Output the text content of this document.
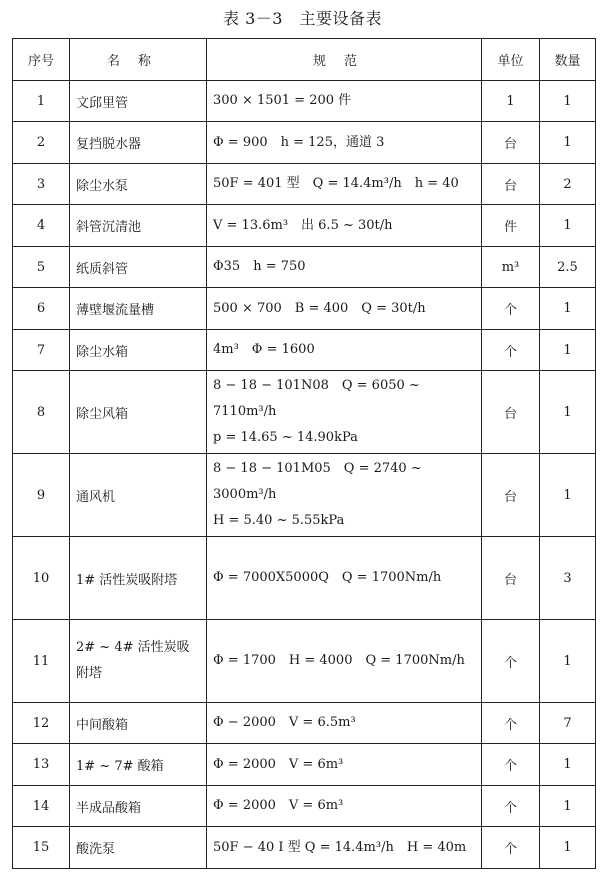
表 3－3　主要设备表
序号	名称	规范	单位	数量
1	文邱里管	300 × 1501 = 200 件	1	1
2	复挡脱水器	Φ = 900　h = 125，通道 3	台	1
3	除尘水泵	50F = 401 型　Q = 14.4m³/h　h = 40	台	2
4	斜管沉清池	V = 13.6m³　出 6.5 ~ 30t/h	件	1
5	纸质斜管	Φ35　h = 750	m³	2.5
6	薄壁堰流量槽	500 × 700　B = 400　Q = 30t/h	个	1
7	除尘水箱	4m³　Φ = 1600	个	1
8	除尘风箱	8 − 18 − 101N08　Q = 6050 ~ 7110m³/h
p = 14.65 ~ 14.90kPa	台	1
9	通风机	8 − 18 − 101M05　Q = 2740 ~ 3000m³/h
H = 5.40 ~ 5.55kPa	台	1
10	1# 活性炭吸附塔	Φ = 7000X5000Q　Q = 1700Nm/h	台	3
11	2# ~ 4# 活性炭吸附塔	Φ = 1700　H = 4000　Q = 1700Nm/h	个	1
12	中间酸箱	Φ − 2000　V = 6.5m³	个	7
13	1# ~ 7# 酸箱	Φ = 2000　V = 6m³	个	1
14	半成品酸箱	Φ = 2000　V = 6m³	个	1
15	酸洗泵	50F − 40 Ⅰ 型 Q = 14.4m³/h　H = 40m	个	1
